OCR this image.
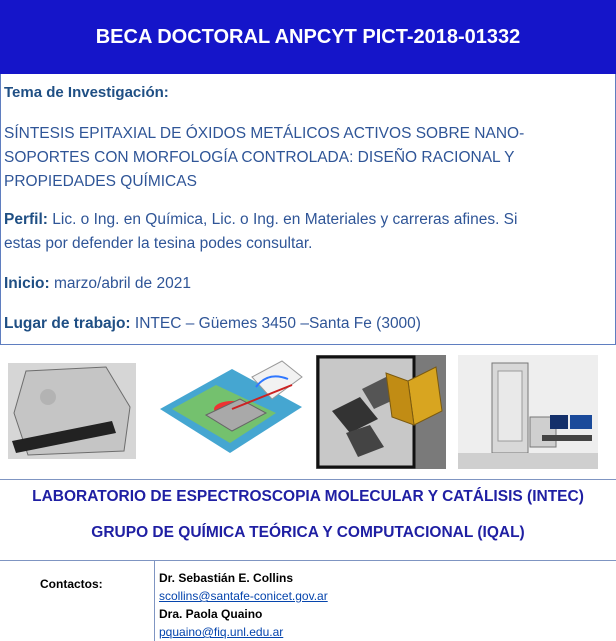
BECA DOCTORAL ANPCYT PICT-2018-01332
Tema de Investigación:
SÍNTESIS EPITAXIAL DE ÓXIDOS METÁLICOS ACTIVOS SOBRE NANO-
SOPORTES CON MORFOLOGÍA CONTROLADA: DISEÑO RACIONAL Y
PROPIEDADES QUÍMICAS
Perfil: Lic. o Ing. en Química, Lic. o Ing. en Materiales y carreras afines. Si
estas por defender la tesina podes consultar.
Inicio: marzo/abril de 2021
Lugar de trabajo: INTEC – Güemes 3450 –Santa Fe (3000)
LABORATORIO DE ESPECTROSCOPIA MOLECULAR Y CATÁLISIS (INTEC)
GRUPO DE QUÍMICA TEÓRICA Y COMPUTACIONAL (IQAL)
Contactos:	Dr. Sebastián E. Collins
scollins@santafe-conicet.gov.ar
Dra. Paola Quaino
pquaino@fiq.unl.edu.ar
